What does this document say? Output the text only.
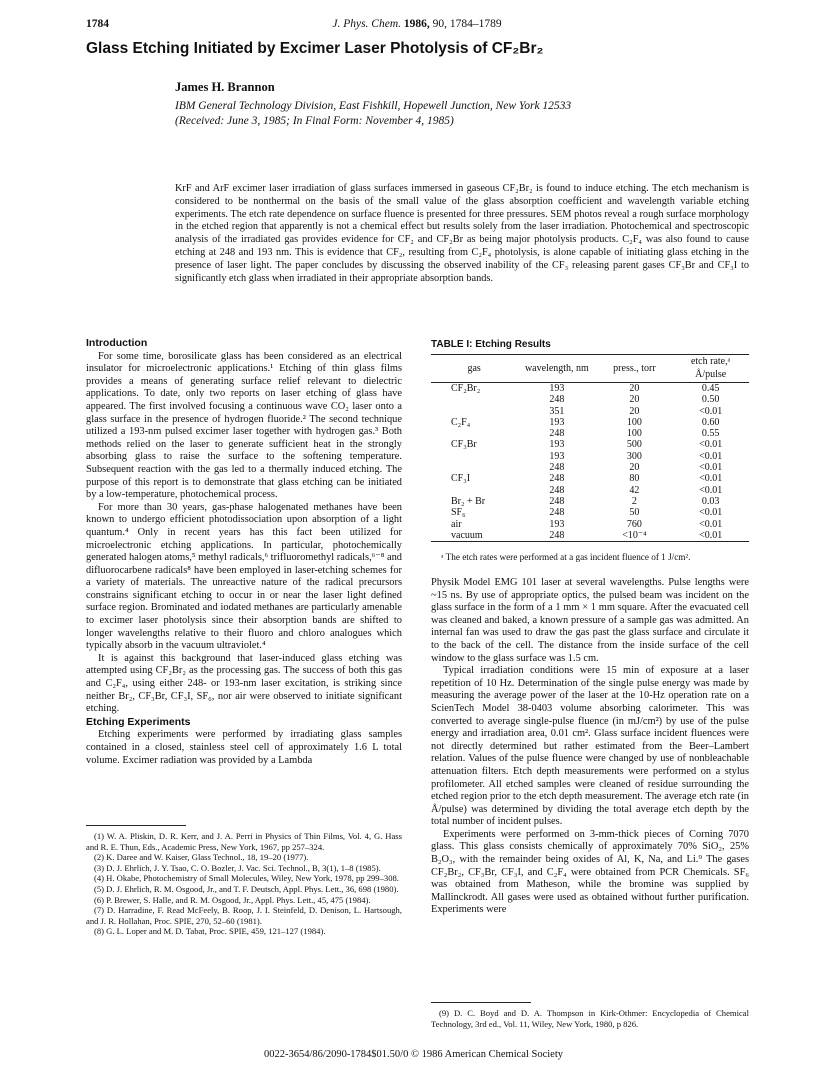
1784	J. Phys. Chem. 1986, 90, 1784–1789
Glass Etching Initiated by Excimer Laser Photolysis of CF₂Br₂
James H. Brannon
IBM General Technology Division, East Fishkill, Hopewell Junction, New York 12533
(Received: June 3, 1985; In Final Form: November 4, 1985)
KrF and ArF excimer laser irradiation of glass surfaces immersed in gaseous CF₂Br₂ is found to induce etching. The etch mechanism is considered to be nonthermal on the basis of the small value of the glass absorption coefficient and wavelength variable etching experiments. The etch rate dependence on surface fluence is presented for three pressures. SEM photos reveal a rough surface morphology in the etched region that apparently is not a chemical effect but results solely from the laser irradiation. Photochemical and spectroscopic analysis of the irradiated gas provides evidence for CF₂ and CF₂Br as being major photolysis products. C₂F₄ was also found to cause etching at 248 and 193 nm. This is evidence that CF₂, resulting from C₂F₄ photolysis, is alone capable of initiating glass etching in the presence of laser light. The paper concludes by discussing the observed inability of the CF₃ releasing parent gases CF₃Br and CF₃I to significantly etch glass when irradiated in their appropriate absorption bands.
Introduction

For some time, borosilicate glass has been considered as an electrical insulator for microelectronic applications.¹ Etching of thin glass films provides a means of generating surface relief relevant to dielectric applications. To date, only two reports on laser etching of glass have appeared. The first involved focusing a continuous wave CO₂ laser onto a glass surface in the presence of hydrogen fluoride.² The second technique utilized a 193-nm pulsed excimer laser together with hydrogen gas.³ Both methods relied on the laser to generate sufficient heat in the strongly absorbing glass to raise the surface to the softening temperature. Subsequent reaction with the gas led to a thermally induced etching. The purpose of this report is to demonstrate that glass etching can be initiated by a low-temperature, photochemical process.

For more than 30 years, gas-phase halogenated methanes have been known to undergo efficient photodissociation upon absorption of a light quantum.⁴ Only in recent years has this fact been utilized for microelectronic etching applications. In particular, photochemically generated halogen atoms,⁵ methyl radicals,⁶ trifluoromethyl radicals,⁶⁻⁸ and difluorocarbene radicals⁸ have been employed in laser-etching schemes for a variety of materials. The unreactive nature of the radical precursors constrains significant etching to occur in or near the laser light defined surface region. Brominated and iodated methanes are particularly amenable to excimer laser photolysis since their absorption bands are shifted to longer wavelengths relative to their fluoro and chloro analogues which typically absorb in the vacuum ultraviolet.⁴

It is against this background that laser-induced glass etching was attempted using CF₂Br₂ as the processing gas. The success of both this gas and C₂F₄, using either 248- or 193-nm laser excitation, is striking since neither Br₂, CF₃Br, CF₃I, SF₆, nor air were observed to initiate significant etching.

Etching Experiments

Etching experiments were performed by irradiating glass samples contained in a closed, stainless steel cell of approximately 1.6 L total volume. Excimer radiation was provided by a Lambda

(1) W. A. Pliskin, D. R. Kerr, and J. A. Perri in Physics of Thin Films, Vol. 4, G. Hass and R. E. Thun, Eds., Academic Press, New York, 1967, pp 257–324.
(2) K. Daree and W. Kaiser, Glass Technol., 18, 19–20 (1977).
(3) D. J. Ehrlich, J. Y. Tsao, C. O. Bozler, J. Vac. Sci. Technol., B, 3(1), 1–8 (1985).
(4) H. Okabe, Photochemistry of Small Molecules, Wiley, New York, 1978, pp 299–308.
(5) D. J. Ehrlich, R. M. Osgood, Jr., and T. F. Deutsch, Appl. Phys. Lett., 36, 698 (1980).
(6) P. Brewer, S. Halle, and R. M. Osgood, Jr., Appl. Phys. Lett., 45, 475 (1984).
(7) D. Harradine, F. Read McFeely, B. Roop, J. I. Steinfeld, D. Denison, L. Hartsough, and J. R. Hollahan, Proc. SPIE, 270, 52–60 (1981).
(8) G. L. Loper and M. D. Tabat, Proc. SPIE, 459, 121–127 (1984).
TABLE I: Etching Results
gas	wavelength, nm	press., torr	etch rate,ᵃ Å/pulse
CF₂Br₂	193	20	0.45
	248	20	0.50
	351	20	<0.01
C₂F₄	193	100	0.60
	248	100	0.55
CF₃Br	193	500	<0.01
	193	300	<0.01
	248	20	<0.01
CF₃I	248	80	<0.01
	248	42	<0.01
Br₂ + Br	248	2	0.03
SF₆	248	50	<0.01
air	193	760	<0.01
vacuum	248	<10⁻⁴	<0.01
ᵃ The etch rates were performed at a gas incident fluence of 1 J/cm².

Physik Model EMG 101 laser at several wavelengths. Pulse lengths were ~15 ns. By use of appropriate optics, the pulsed beam was incident on the glass surface in the form of a 1 mm × 1 mm square. After the evacuated cell was cleaned and baked, a known pressure of a sample gas was admitted. An internal fan was used to draw the gas past the glass surface and circulate it to the back of the cell. The distance from the inside surface of the cell window to the glass surface was 1.5 cm.

Typical irradiation conditions were 15 min of exposure at a laser repetition of 10 Hz. Determination of the single pulse energy was made by measuring the average power of the laser at the 10-Hz operation rate on a ScienTech Model 38-0403 volume absorbing calorimeter. This was converted to average single-pulse fluence (in mJ/cm²) by use of the pulse energy and irradiation area, 0.01 cm². Glass surface incident fluences were not directly determined but rather estimated from the Beer–Lambert relation. Values of the pulse fluence were changed by use of nonbleachable attenuation filters. Etch depth measurements were performed on a stylus profilometer. All etched samples were cleaned of residue surrounding the etched region prior to the etch depth measurement. The average etch rate (in Å/pulse) was determined by dividing the total average etch depth by the total number of incident pulses.

Experiments were performed on 3-mm-thick pieces of Corning 7070 glass. This glass consists chemically of approximately 70% SiO₂, 25% B₂O₃, with the remainder being oxides of Al, K, Na, and Li.⁹ The gases CF₂Br₂, CF₃Br, CF₃I, and C₂F₄ were obtained from PCR Chemicals. SF₆ was obtained from Matheson, while the bromine was supplied by Mallinckrodt. All gases were used as obtained without further purification. Experiments were

(9) D. C. Boyd and D. A. Thompson in Kirk-Othmer: Encyclopedia of Chemical Technology, 3rd ed., Vol. 11, Wiley, New York, 1980, p 826.
0022-3654/86/2090-1784$01.50/0 © 1986 American Chemical Society
